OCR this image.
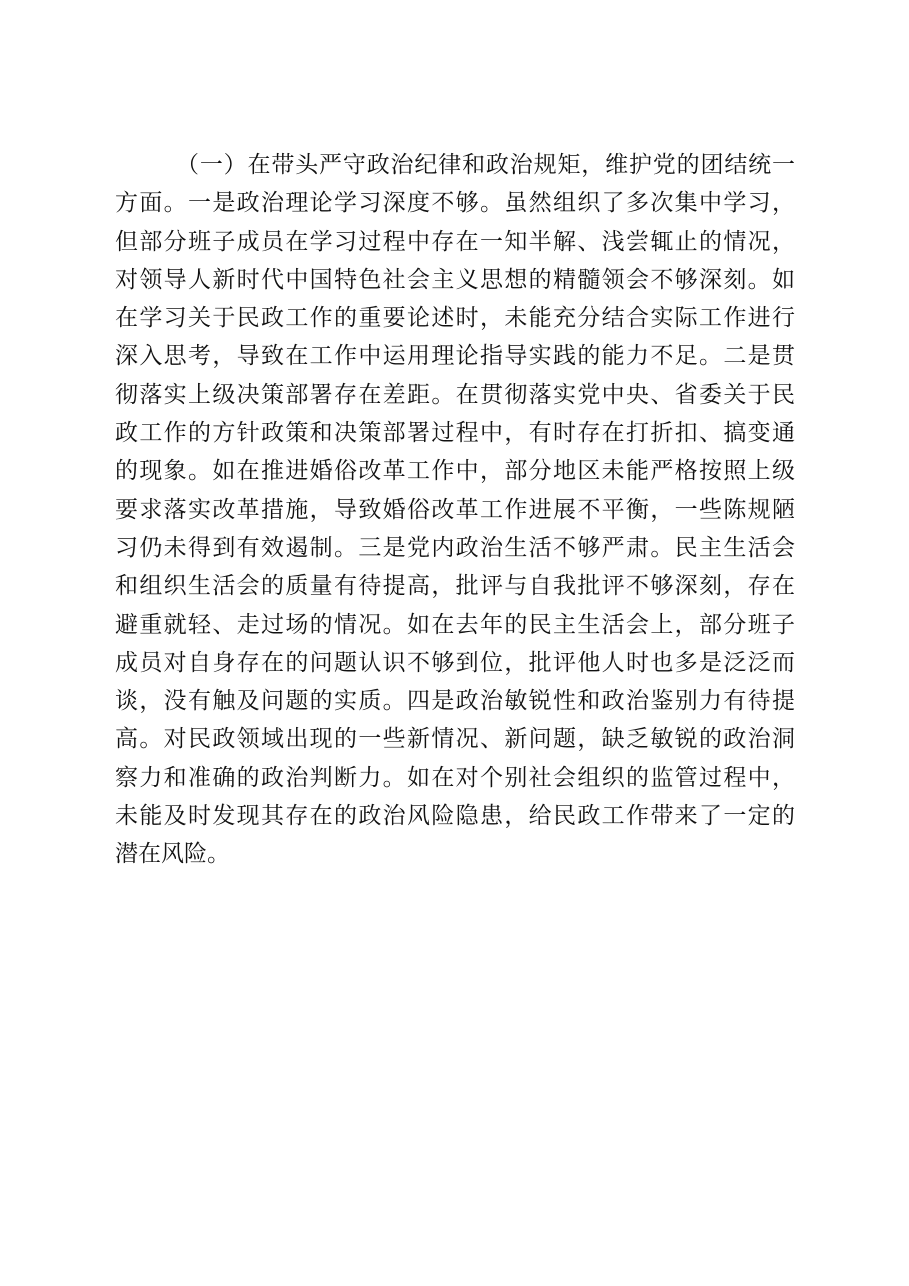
（一）在带头严守政治纪律和政治规矩，维护党的团结统一
方面。一是政治理论学习深度不够。虽然组织了多次集中学习，
但部分班子成员在学习过程中存在一知半解、浅尝辄止的情况，
对领导人新时代中国特色社会主义思想的精髓领会不够深刻。如
在学习关于民政工作的重要论述时，未能充分结合实际工作进行
深入思考，导致在工作中运用理论指导实践的能力不足。二是贯
彻落实上级决策部署存在差距。在贯彻落实党中央、省委关于民
政工作的方针政策和决策部署过程中，有时存在打折扣、搞变通
的现象。如在推进婚俗改革工作中，部分地区未能严格按照上级
要求落实改革措施，导致婚俗改革工作进展不平衡，一些陈规陋
习仍未得到有效遏制。三是党内政治生活不够严肃。民主生活会
和组织生活会的质量有待提高，批评与自我批评不够深刻，存在
避重就轻、走过场的情况。如在去年的民主生活会上，部分班子
成员对自身存在的问题认识不够到位，批评他人时也多是泛泛而
谈，没有触及问题的实质。四是政治敏锐性和政治鉴别力有待提
高。对民政领域出现的一些新情况、新问题，缺乏敏锐的政治洞
察力和准确的政治判断力。如在对个别社会组织的监管过程中，
未能及时发现其存在的政治风险隐患，给民政工作带来了一定的
潜在风险。
